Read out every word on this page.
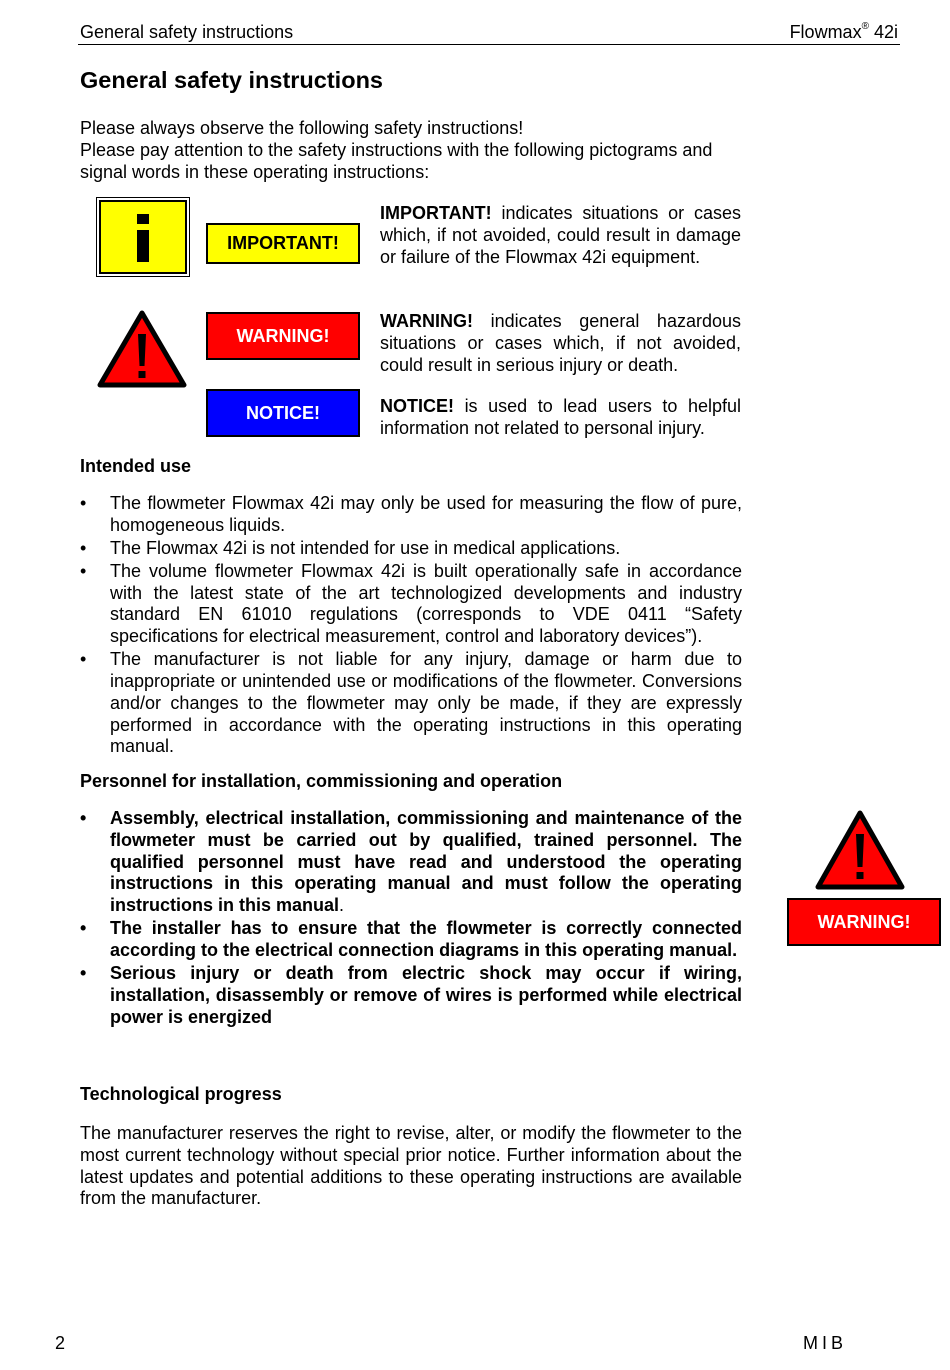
General safety instructions	Flowmax® 42i
General safety instructions
Please always observe the following safety instructions!
Please pay attention to the safety instructions with the following pictograms and
signal words in these operating instructions:
IMPORTANT!
WARNING!
NOTICE!
IMPORTANT! indicates situations or cases which, if not avoided, could result in damage or failure of the Flowmax 42i equipment.
WARNING! indicates general hazardous situations or cases which, if not avoided, could result in serious injury or death.
NOTICE! is used to lead users to helpful information not related to personal injury.
Intended use
• The flowmeter Flowmax 42i may only be used for measuring the flow of pure, homogeneous liquids.
• The Flowmax 42i is not intended for use in medical applications.
• The volume flowmeter Flowmax 42i is built operationally safe in accordance with the latest state of the art technologized developments and industry standard EN 61010 regulations (corresponds to VDE 0411 “Safety specifications for electrical measurement, control and laboratory devices”).
• The manufacturer is not liable for any injury, damage or harm due to inappropriate or unintended use or modifications of the flowmeter. Conversions and/or changes to the flowmeter may only be made, if they are expressly performed in accordance with the operating instructions in this operating manual.
Personnel for installation, commissioning and operation
• Assembly, electrical installation, commissioning and maintenance of the flowmeter must be carried out by qualified, trained personnel. The qualified personnel must have read and understood the operating instructions in this operating manual and must follow the operating instructions in this manual.
• The installer has to ensure that the flowmeter is correctly connected according to the electrical connection diagrams in this operating manual.
• Serious injury or death from electric shock may occur if wiring, installation, disassembly or remove of wires is performed while electrical power is energized
WARNING!
Technological progress
The manufacturer reserves the right to revise, alter, or modify the flowmeter to the most current technology without special prior notice. Further information about the latest updates and potential additions to these operating instructions are available from the manufacturer.
2	MIB
